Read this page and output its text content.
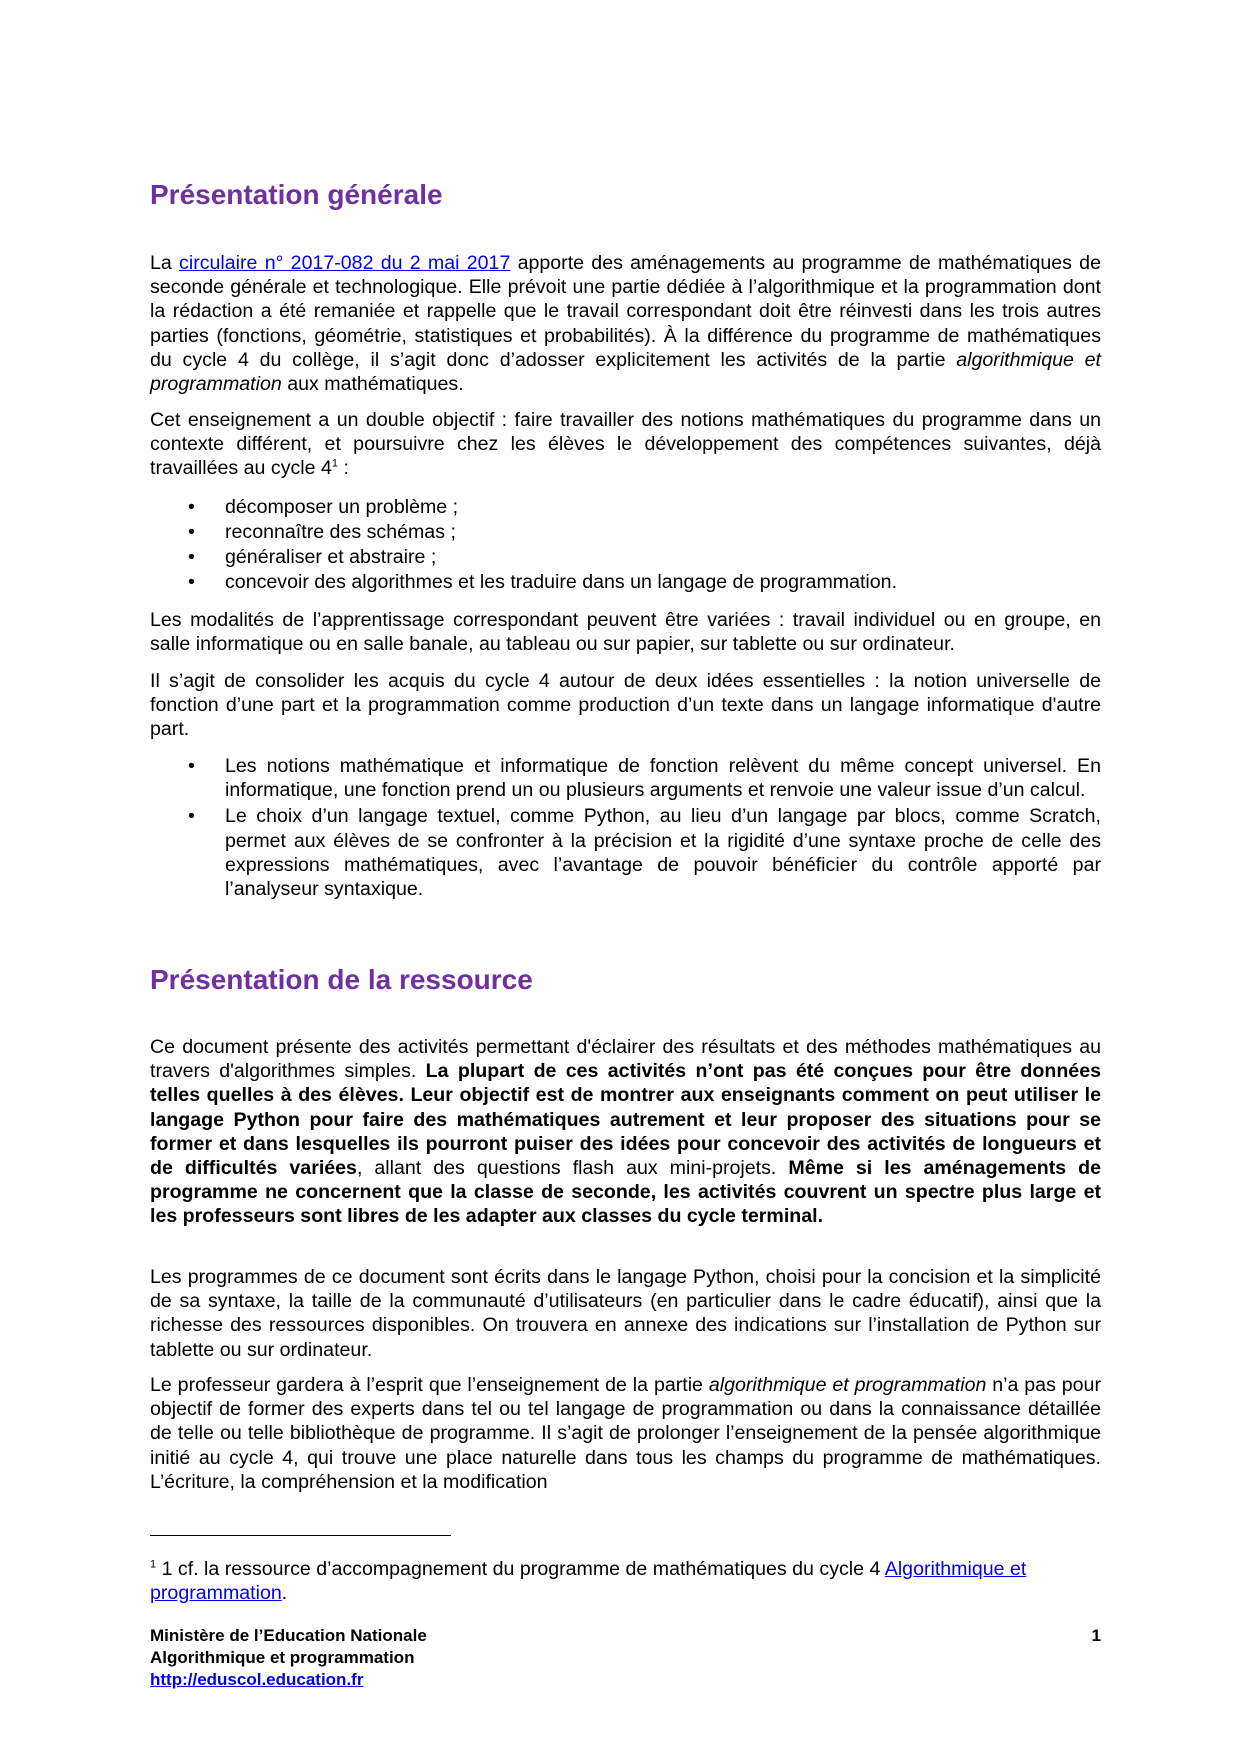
Présentation générale
La circulaire n° 2017-082 du 2 mai 2017 apporte des aménagements au programme de mathématiques de seconde générale et technologique. Elle prévoit une partie dédiée à l’algorithmique et la programmation dont la rédaction a été remaniée et rappelle que le travail correspondant doit être réinvesti dans les trois autres parties (fonctions, géométrie, statistiques et probabilités). À la différence du programme de mathématiques du cycle 4 du collège, il s’agit donc d’adosser explicitement les activités de la partie algorithmique et programmation aux mathématiques.
Cet enseignement a un double objectif : faire travailler des notions mathématiques du programme dans un contexte différent, et poursuivre chez les élèves le développement des compétences suivantes, déjà travaillées au cycle $4^1$ :
• décomposer un problème ;
• reconnaître des schémas ;
• généraliser et abstraire ;
• concevoir des algorithmes et les traduire dans un langage de programmation.
Les modalités de l’apprentissage correspondant peuvent être variées : travail individuel ou en groupe, en salle informatique ou en salle banale, au tableau ou sur papier, sur tablette ou sur ordinateur.
Il s’agit de consolider les acquis du cycle 4 autour de deux idées essentielles : la notion universelle de fonction d’une part et la programmation comme production d’un texte dans un langage informatique d'autre part.
• Les notions mathématique et informatique de fonction relèvent du même concept universel. En informatique, une fonction prend un ou plusieurs arguments et renvoie une valeur issue d’un calcul.
• Le choix d’un langage textuel, comme Python, au lieu d’un langage par blocs, comme Scratch, permet aux élèves de se confronter à la précision et la rigidité d’une syntaxe proche de celle des expressions mathématiques, avec l’avantage de pouvoir bénéficier du contrôle apporté par l’analyseur syntaxique.
Présentation de la ressource
Ce document présente des activités permettant d'éclairer des résultats et des méthodes mathématiques au travers d'algorithmes simples. La plupart de ces activités n’ont pas été conçues pour être données telles quelles à des élèves. Leur objectif est de montrer aux enseignants comment on peut utiliser le langage Python pour faire des mathématiques autrement et leur proposer des situations pour se former et dans lesquelles ils pourront puiser des idées pour concevoir des activités de longueurs et de difficultés variées, allant des questions flash aux mini-projets. Même si les aménagements de programme ne concernent que la classe de seconde, les activités couvrent un spectre plus large et les professeurs sont libres de les adapter aux classes du cycle terminal.
Les programmes de ce document sont écrits dans le langage Python, choisi pour la concision et la simplicité de sa syntaxe, la taille de la communauté d’utilisateurs (en particulier dans le cadre éducatif), ainsi que la richesse des ressources disponibles. On trouvera en annexe des indications sur l’installation de Python sur tablette ou sur ordinateur.
Le professeur gardera à l’esprit que l’enseignement de la partie algorithmique et programmation n’a pas pour objectif de former des experts dans tel ou tel langage de programmation ou dans la connaissance détaillée de telle ou telle bibliothèque de programme. Il s’agit de prolonger l’enseignement de la pensée algorithmique initié au cycle 4, qui trouve une place naturelle dans tous les champs du programme de mathématiques. L’écriture, la compréhension et la modification
$^1$ 1 cf. la ressource d’accompagnement du programme de mathématiques du cycle 4 Algorithmique et programmation.
Ministère de l’Education Nationale
Algorithmique et programmation
http://eduscol.education.fr
1
